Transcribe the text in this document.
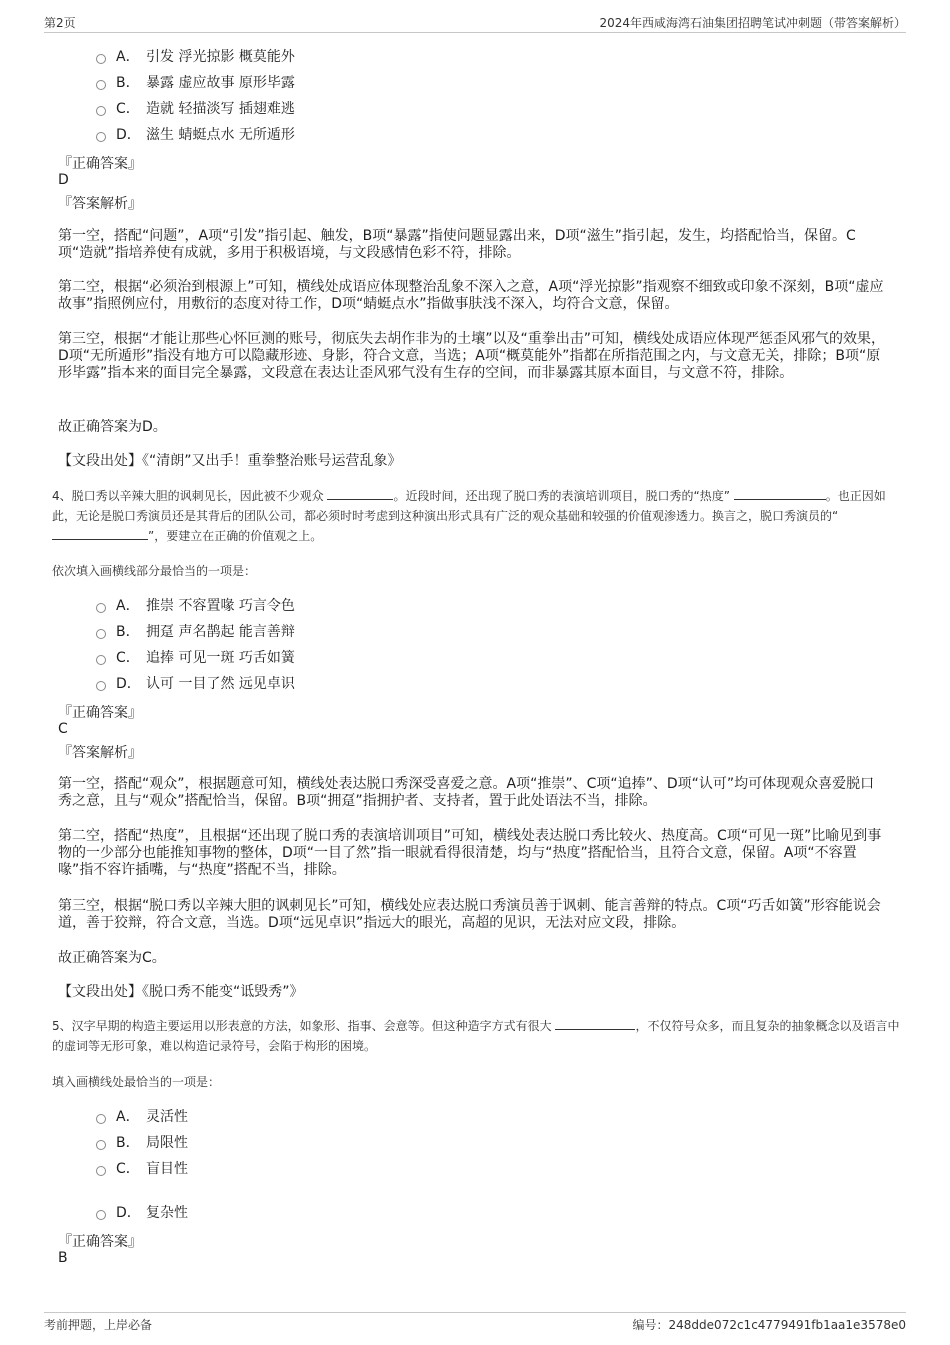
第2页	2024年西咸海湾石油集团招聘笔试冲刺题（带答案解析）
A． 引发 浮光掠影 概莫能外
B． 暴露 虚应故事 原形毕露
C． 造就 轻描淡写 插翅难逃
D． 滋生 蜻蜓点水 无所遁形
『正确答案』
D
『答案解析』
第一空，搭配“问题”，A项“引发”指引起、触发，B项“暴露”指使问题显露出来，D项“滋生”指引起，发生，均搭配恰当，保留。C项“造就”指培养使有成就，多用于积极语境，与文段感情色彩不符，排除。
第二空，根据“必须治到根源上”可知，横线处成语应体现整治乱象不深入之意，A项“浮光掠影”指观察不细致或印象不深刻，B项“虚应故事”指照例应付，用敷衍的态度对待工作，D项“蜻蜓点水”指做事肤浅不深入，均符合文意，保留。
第三空，根据“才能让那些心怀叵测的账号，彻底失去胡作非为的土壤”以及“重拳出击”可知，横线处成语应体现严惩歪风邪气的效果，D项“无所遁形”指没有地方可以隐藏形迹、身影，符合文意，当选；A项“概莫能外”指都在所指范围之内，与文意无关，排除；B项“原形毕露”指本来的面目完全暴露，文段意在表达让歪风邪气没有生存的空间，而非暴露其原本面目，与文意不符，排除。
故正确答案为D。
【文段出处】《“清朗”又出手！重拳整治账号运营乱象》
4、脱口秀以辛辣大胆的讽刺见长，因此被不少观众	。近段时间，还出现了脱口秀的表演培训项目，脱口秀的“热度”	。也正因如此，无论是脱口秀演员还是其背后的团队公司，都必须时时考虑到这种演出形式具有广泛的观众基础和较强的价值观渗透力。换言之，脱口秀演员的“ ”，要建立在正确的价值观之上。
依次填入画横线部分最恰当的一项是：
A． 推崇 不容置喙 巧言令色
B． 拥趸 声名鹊起 能言善辩
C． 追捧 可见一斑 巧舌如簧
D． 认可 一目了然 远见卓识
『正确答案』
C
『答案解析』
第一空，搭配“观众”，根据题意可知，横线处表达脱口秀深受喜爱之意。A项“推崇”、C项“追捧”、D项“认可”均可体现观众喜爱脱口秀之意，且与“观众”搭配恰当，保留。B项“拥趸”指拥护者、支持者，置于此处语法不当，排除。
第二空，搭配“热度”，且根据“还出现了脱口秀的表演培训项目”可知，横线处表达脱口秀比较火、热度高。C项“可见一斑”比喻见到事物的一少部分也能推知事物的整体，D项“一目了然”指一眼就看得很清楚，均与“热度”搭配恰当，且符合文意，保留。A项“不容置喙”指不容许插嘴，与“热度”搭配不当，排除。
第三空，根据“脱口秀以辛辣大胆的讽刺见长”可知，横线处应表达脱口秀演员善于讽刺、能言善辩的特点。C项“巧舌如簧”形容能说会道，善于狡辩，符合文意，当选。D项“远见卓识”指远大的眼光，高超的见识，无法对应文段，排除。
故正确答案为C。
【文段出处】《脱口秀不能变“诋毁秀”》
5、汉字早期的构造主要运用以形表意的方法，如象形、指事、会意等。但这种造字方式有很大	，不仅符号众多，而且复杂的抽象概念以及语言中的虚词等无形可象，难以构造记录符号，会陷于构形的困境。
填入画横线处最恰当的一项是：
A． 灵活性
B． 局限性
C． 盲目性
D． 复杂性
『正确答案』
B
考前押题，上岸必备	编号：248dde072c1c4779491fb1aa1e3578e0
